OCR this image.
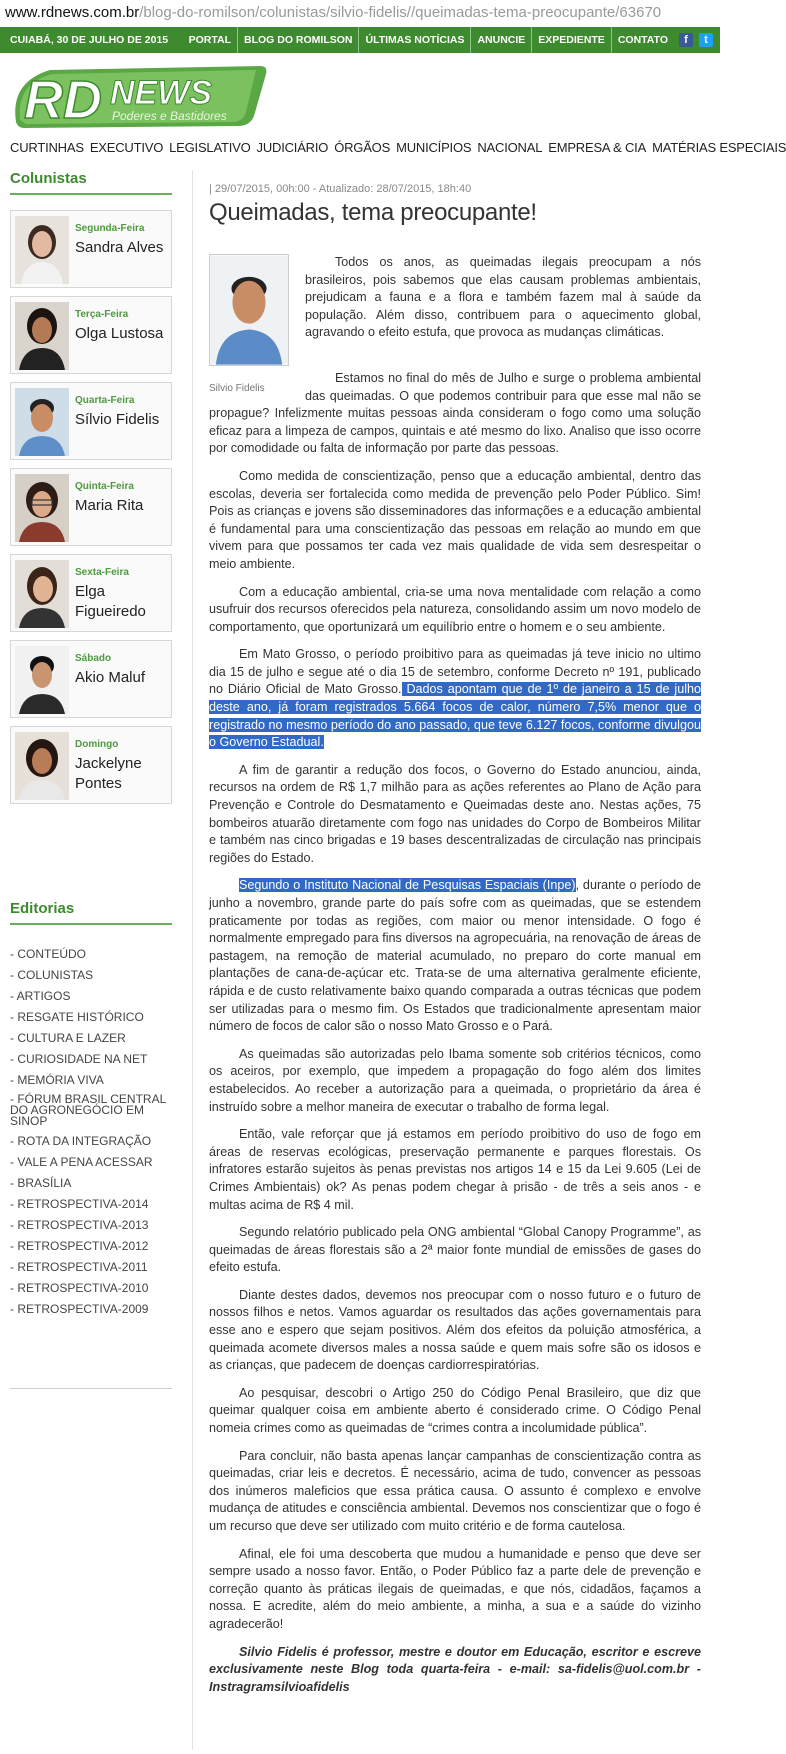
www.rdnews.com.br/blog-do-romilson/colunistas/silvio-fidelis//queimadas-tema-preocupante/63670
CUIABÁ, 30 DE JULHO DE 2015	PORTAL	BLOG DO ROMILSON	ÚLTIMAS NOTÍCIAS	ANUNCIE	EXPEDIENTE	CONTATO	f	t
RD NEWS
Poderes e Bastidores
CURTINHAS EXECUTIVO LEGISLATIVO JUDICIÁRIO ÓRGÃOS MUNICÍPIOS NACIONAL EMPRESA & CIA MATÉRIAS ESPECIAIS
Colunistas
Segunda-Feira
Sandra Alves
Terça-Feira
Olga Lustosa
Quarta-Feira
Sílvio Fidelis
Quinta-Feira
Maria Rita
Sexta-Feira
Elga Figueiredo
Sábado
Akio Maluf
Domingo
Jackelyne Pontes
Editorias
- CONTEÚDO
- COLUNISTAS
- ARTIGOS
- RESGATE HISTÓRICO
- CULTURA E LAZER
- CURIOSIDADE NA NET
- MEMÓRIA VIVA
- FÓRUM BRASIL CENTRAL DO AGRONEGÓCIO EM SINOP
- ROTA DA INTEGRAÇÃO
- VALE A PENA ACESSAR
- BRASÍLIA
- RETROSPECTIVA-2014
- RETROSPECTIVA-2013
- RETROSPECTIVA-2012
- RETROSPECTIVA-2011
- RETROSPECTIVA-2010
- RETROSPECTIVA-2009
| 29/07/2015, 00h:00 - Atualizado: 28/07/2015, 18h:40
Queimadas, tema preocupante!
Silvio Fidelis

Todos os anos, as queimadas ilegais preocupam a nós brasileiros, pois sabemos que elas causam problemas ambientais, prejudicam a fauna e a flora e também fazem mal à saúde da população. Além disso, contribuem para o aquecimento global, agravando o efeito estufa, que provoca as mudanças climáticas.

Estamos no final do mês de Julho e surge o problema ambiental das queimadas. O que podemos contribuir para que esse mal não se propague? Infelizmente muitas pessoas ainda consideram o fogo como uma solução eficaz para a limpeza de campos, quintais e até mesmo do lixo. Analiso que isso ocorre por comodidade ou falta de informação por parte das pessoas.

Como medida de conscientização, penso que a educação ambiental, dentro das escolas, deveria ser fortalecida como medida de prevenção pelo Poder Público. Sim! Pois as crianças e jovens são disseminadores das informações e a educação ambiental é fundamental para uma conscientização das pessoas em relação ao mundo em que vivem para que possamos ter cada vez mais qualidade de vida sem desrespeitar o meio ambiente.

Com a educação ambiental, cria-se uma nova mentalidade com relação a como usufruir dos recursos oferecidos pela natureza, consolidando assim um novo modelo de comportamento, que oportunizará um equilíbrio entre o homem e o seu ambiente.

Em Mato Grosso, o período proibitivo para as queimadas já teve inicio no ultimo dia 15 de julho e segue até o dia 15 de setembro, conforme Decreto nº 191, publicado no Diário Oficial de Mato Grosso. Dados apontam que de 1º de janeiro a 15 de julho deste ano, já foram registrados 5.664 focos de calor, número 7,5% menor que o registrado no mesmo período do ano passado, que teve 6.127 focos, conforme divulgou o Governo Estadual.

A fim de garantir a redução dos focos, o Governo do Estado anunciou, ainda, recursos na ordem de R$ 1,7 milhão para as ações referentes ao Plano de Ação para Prevenção e Controle do Desmatamento e Queimadas deste ano. Nestas ações, 75 bombeiros atuarão diretamente com fogo nas unidades do Corpo de Bombeiros Militar e também nas cinco brigadas e 19 bases descentralizadas de circulação nas principais regiões do Estado.

Segundo o Instituto Nacional de Pesquisas Espaciais (Inpe), durante o período de junho a novembro, grande parte do país sofre com as queimadas, que se estendem praticamente por todas as regiões, com maior ou menor intensidade. O fogo é normalmente empregado para fins diversos na agropecuária, na renovação de áreas de pastagem, na remoção de material acumulado, no preparo do corte manual em plantações de cana-de-açúcar etc. Trata-se de uma alternativa geralmente eficiente, rápida e de custo relativamente baixo quando comparada a outras técnicas que podem ser utilizadas para o mesmo fim. Os Estados que tradicionalmente apresentam maior número de focos de calor são o nosso Mato Grosso e o Pará.

As queimadas são autorizadas pelo Ibama somente sob critérios técnicos, como os aceiros, por exemplo, que impedem a propagação do fogo além dos limites estabelecidos. Ao receber a autorização para a queimada, o proprietário da área é instruído sobre a melhor maneira de executar o trabalho de forma legal.

Então, vale reforçar que já estamos em período proibitivo do uso de fogo em áreas de reservas ecológicas, preservação permanente e parques florestais. Os infratores estarão sujeitos às penas previstas nos artigos 14 e 15 da Lei 9.605 (Lei de Crimes Ambientais) ok? As penas podem chegar à prisão - de três a seis anos - e multas acima de R$ 4 mil.

Segundo relatório publicado pela ONG ambiental “Global Canopy Programme”, as queimadas de áreas florestais são a 2ª maior fonte mundial de emissões de gases do efeito estufa.

Diante destes dados, devemos nos preocupar com o nosso futuro e o futuro de nossos filhos e netos. Vamos aguardar os resultados das ações governamentais para esse ano e espero que sejam positivos. Além dos efeitos da poluição atmosférica, a queimada acomete diversos males a nossa saúde e quem mais sofre são os idosos e as crianças, que padecem de doenças cardiorrespiratórias.

Ao pesquisar, descobri o Artigo 250 do Código Penal Brasileiro, que diz que queimar qualquer coisa em ambiente aberto é considerado crime. O Código Penal nomeia crimes como as queimadas de “crimes contra a incolumidade pública”.

Para concluir, não basta apenas lançar campanhas de conscientização contra as queimadas, criar leis e decretos. É necessário, acima de tudo, convencer as pessoas dos inúmeros maleficios que essa prática causa. O assunto é complexo e envolve mudança de atitudes e consciência ambiental. Devemos nos conscientizar que o fogo é um recurso que deve ser utilizado com muito critério e de forma cautelosa.

Afinal, ele foi uma descoberta que mudou a humanidade e penso que deve ser sempre usado a nosso favor. Então, o Poder Público faz a parte dele de prevenção e correção quanto às práticas ilegais de queimadas, e que nós, cidadãos, façamos a nossa. E acredite, além do meio ambiente, a minha, a sua e a saúde do vizinho agradecerão!

Silvio Fidelis é professor, mestre e doutor em Educação, escritor e escreve exclusivamente neste Blog toda quarta-feira - e-mail: sa-fidelis@uol.com.br - Instragramsilvioafidelis
